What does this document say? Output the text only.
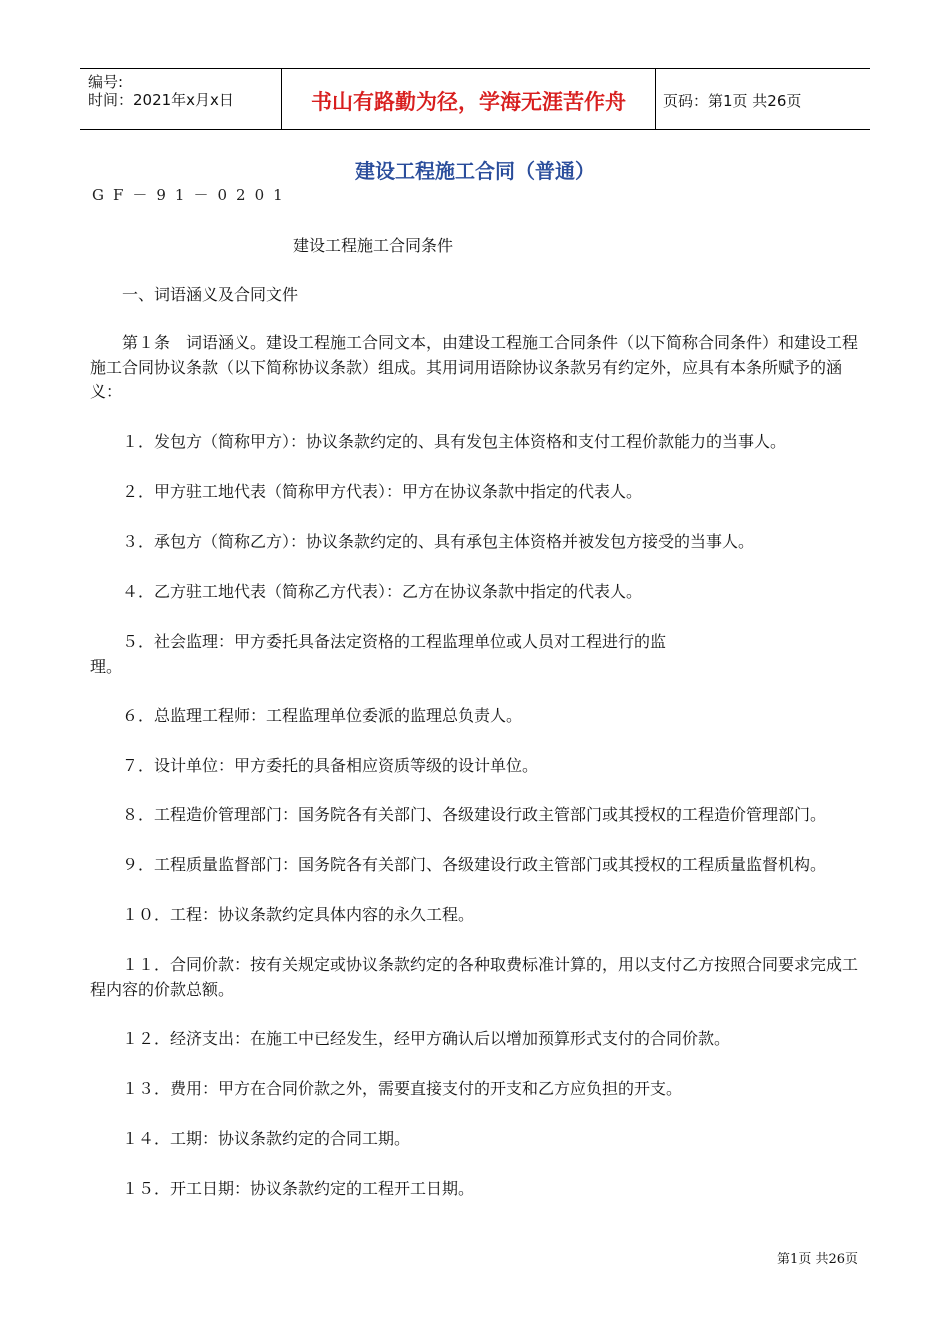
编号:
时间：2021年x月x日	书山有路勤为径，学海无涯苦作舟	页码：第1页 共26页
建设工程施工合同（普通）
GF－91－0201
建设工程施工合同条件

一、词语涵义及合同文件

第１条　词语涵义。建设工程施工合同文本，由建设工程施工合同条件（以下简称合同条件）和建设工程施工合同协议条款（以下简称协议条款）组成。其用词用语除协议条款另有约定外，应具有本条所赋予的涵义：

１．发包方（简称甲方）：协议条款约定的、具有发包主体资格和支付工程价款能力的当事人。

２．甲方驻工地代表（简称甲方代表）：甲方在协议条款中指定的代表人。

３．承包方（简称乙方）：协议条款约定的、具有承包主体资格并被发包方接受的当事人。

４．乙方驻工地代表（简称乙方代表）：乙方在协议条款中指定的代表人。

５．社会监理：甲方委托具备法定资格的工程监理单位或人员对工程进行的监

理。

６．总监理工程师：工程监理单位委派的监理总负责人。

７．设计单位：甲方委托的具备相应资质等级的设计单位。

８．工程造价管理部门：国务院各有关部门、各级建设行政主管部门或其授权的工程造价管理部门。

９．工程质量监督部门：国务院各有关部门、各级建设行政主管部门或其授权的工程质量监督机构。

１０．工程：协议条款约定具体内容的永久工程。

１１．合同价款：按有关规定或协议条款约定的各种取费标准计算的，用以支付乙方按照合同要求完成工程内容的价款总额。

１２．经济支出：在施工中已经发生，经甲方确认后以增加预算形式支付的合同价款。

１３．费用：甲方在合同价款之外，需要直接支付的开支和乙方应负担的开支。

１４．工期：协议条款约定的合同工期。

１５．开工日期：协议条款约定的工程开工日期。

第1页 共26页
